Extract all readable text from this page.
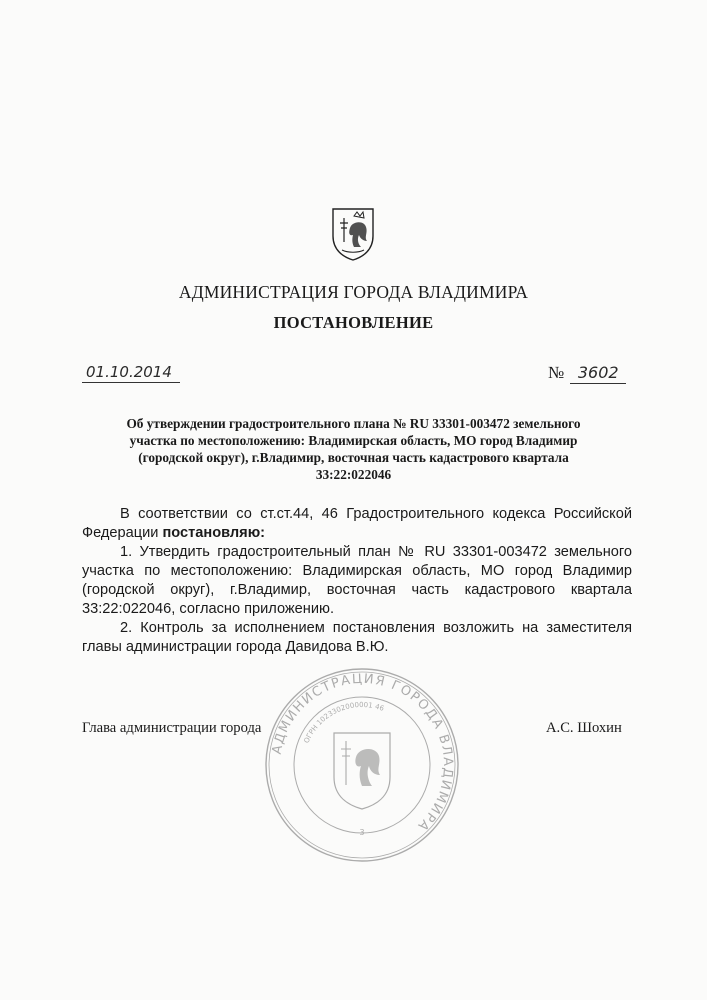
АДМИНИСТРАЦИЯ ГОРОДА ВЛАДИМИРА
ПОСТАНОВЛЕНИЕ
01.10.2014	№ 3602
Об утверждении градостроительного плана № RU 33301-003472 земельного
участка по местоположению: Владимирская область, МО город Владимир
(городской округ), г.Владимир, восточная часть кадастрового квартала
33:22:022046

В соответствии со ст.ст.44, 46 Градостроительного кодекса Российской Федерации постановляю:

1. Утвердить градостроительный план № RU 33301-003472 земельного участка по местоположению: Владимирская область, МО город Владимир (городской округ), г.Владимир, восточная часть кадастрового квартала 33:22:022046, согласно приложению.

2. Контроль за исполнением постановления возложить на заместителя главы администрации города Давидова В.Ю.

АДМИНИСТРАЦИЯ ГОРОДА ВЛАДИМИРА
ОГРН 1023302000001 46
3
Глава администрации города	А.С. Шохин
